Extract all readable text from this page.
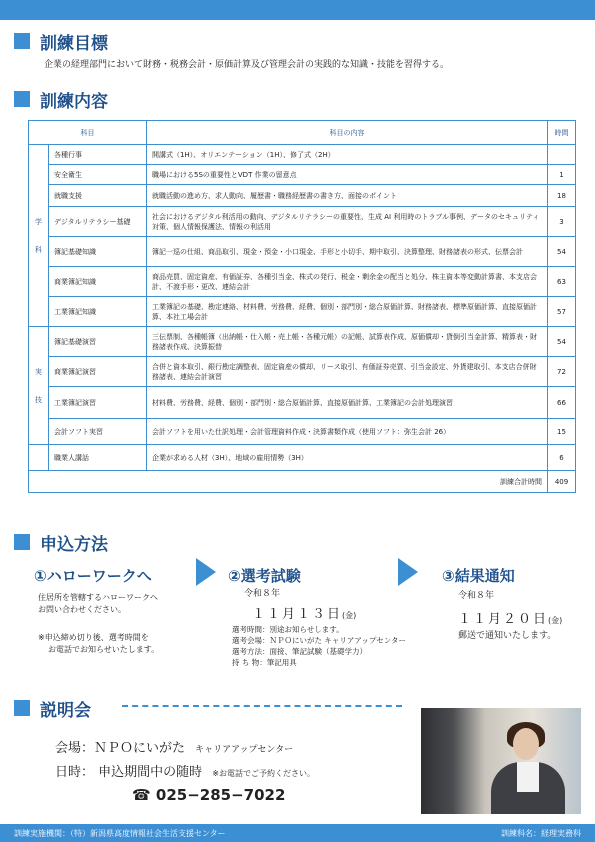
訓練目標
企業の経理部門において財務・税務会計・原価計算及び管理会計の実践的な知識・技能を習得する。
訓練内容
科目		科目の内容	時間
学

科	各種行事	開講式（1H）、オリエンテーション（1H）、修了式（2H）	
	安全衛生	職場における5Sの重要性とVDT 作業の留意点	1
	就職支援	就職活動の進め方、求人動向、履歴書・職務経歴書の書き方、面接のポイント	18
	デジタルリテラシー基礎	社会におけるデジタル利活用の動向、デジタルリテラシーの重要性、生成 AI 利用時のトラブル事例、データのセキュリティ対策、個人情報保護法、情報の利活用	3
	簿記基礎知識	簿記一巡の仕組、商品取引、現金・預金・小口現金、手形と小切手、期中取引、決算整理、財務諸表の形式、伝票会計	54
	商業簿記知識	商品売買、固定資産、有価証券、各種引当金、株式の発行、税金・剰余金の配当と処分、株主資本等変動計算書、本支店会計、不渡手形・更改、連結会計	63
	工業簿記知識	工業簿記の基礎、勘定連絡、材料費、労務費、経費、個別・部門別・総合原価計算、財務諸表、標準原価計算、直接原価計算、本社工場会計	57
実

技	簿記基礎演習	三伝票制、各種帳簿（出納帳・仕入帳・売上帳・各種元帳）の記帳、試算表作成、原価償却・貸倒引当金計算、精算表・財務諸表作成、決算振替	54
	商業簿記演習	合併と資本取引、銀行勘定調整表、固定資産の償却、リース取引、有価証券売買、引当金設定、外貨建取引、本支店合併財務諸表、連結会計演習	72
	工業簿記演習	材料費、労務費、経費、個別・部門別・総合原価計算、直接原価計算、工業簿記の会計処理演習	66
	会計ソフト実習	会計ソフトを用いた仕訳処理・会計管理資料作成・決算書類作成（使用ソフト：弥生会計 26）	15
	職業人講話	企業が求める人材（3H）、地域の雇用情勢（3H）	6
訓練合計時間			409
申込方法
①ハローワークへ
住居所を管轄するハローワークへ
お問い合わせください。
※申込締め切り後、選考時間を
お電話でお知らせいたします。
②選考試験
令和８年
１１月１３日(金)
選考時間：別途お知らせします。
選考会場：ＮＰＯにいがた キャリアアップセンター
選考方法：面接、筆記試験（基礎学力）
持 ち 物：筆記用具
③結果通知
令和８年
１１月２０日(金)
郵送で通知いたします。
説明会
会場：ＮＰＯにいがた キャリアアップセンター
日時： 申込期間中の随時 ※お電話でご予約ください。
☎ 025−285−7022
訓練実施機関：（特）新潟県高度情報社会生活支援センター	訓練科名：経理実務科
